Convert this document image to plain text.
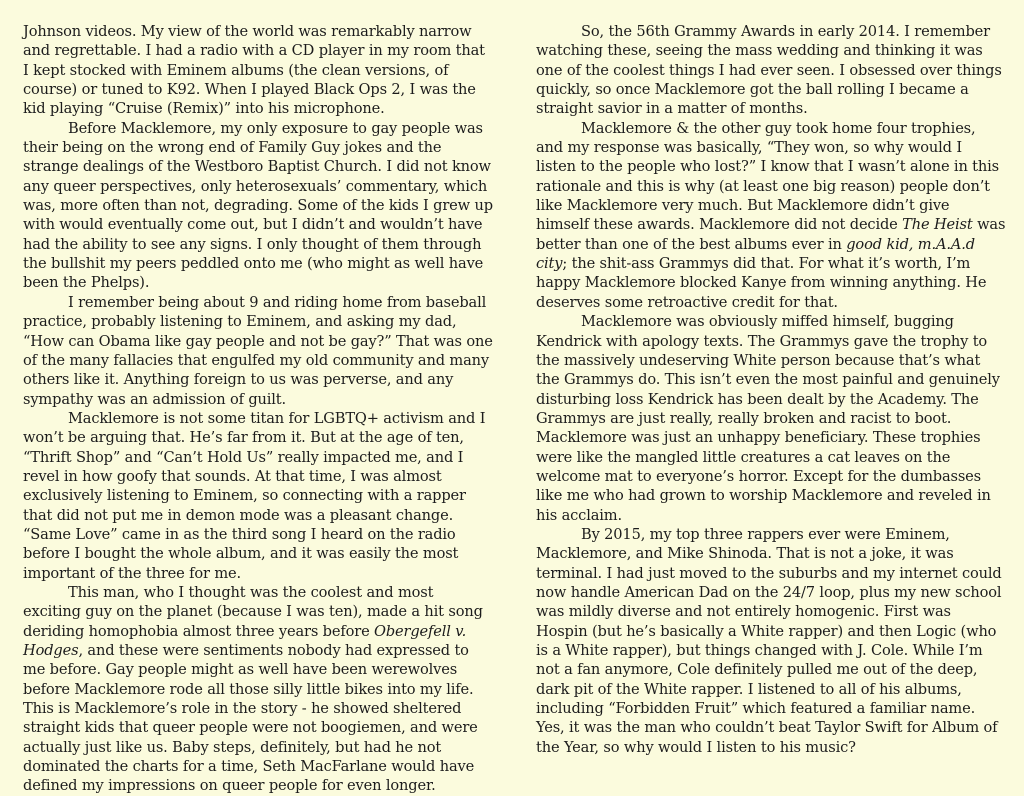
Johnson videos. My view of the world was remarkably narrow and regrettable. I had a radio with a CD player in my room that I kept stocked with Eminem albums (the clean versions, of course) or tuned to K92. When I played Black Ops 2, I was the kid playing “Cruise (Remix)” into his microphone.

Before Macklemore, my only exposure to gay people was their being on the wrong end of Family Guy jokes and the strange dealings of the Westboro Baptist Church. I did not know any queer perspectives, only heterosexuals’ commentary, which was, more often than not, degrading. Some of the kids I grew up with would eventually come out, but I didn’t and wouldn’t have had the ability to see any signs. I only thought of them through the bullshit my peers peddled onto me (who might as well have been the Phelps).

I remember being about 9 and riding home from baseball practice, probably listening to Eminem, and asking my dad, “How can Obama like gay people and not be gay?” That was one of the many fallacies that engulfed my old community and many others like it. Anything foreign to us was perverse, and any sympathy was an admission of guilt.

Macklemore is not some titan for LGBTQ+ activism and I won’t be arguing that. He’s far from it. But at the age of ten, “Thrift Shop” and “Can’t Hold Us” really impacted me, and I revel in how goofy that sounds. At that time, I was almost exclusively listening to Eminem, so connecting with a rapper that did not put me in demon mode was a pleasant change. “Same Love” came in as the third song I heard on the radio before I bought the whole album, and it was easily the most important of the three for me.

This man, who I thought was the coolest and most exciting guy on the planet (because I was ten), made a hit song deriding homophobia almost three years before Obergefell v. Hodges, and these were sentiments nobody had expressed to me before. Gay people might as well have been werewolves before Macklemore rode all those silly little bikes into my life. This is Macklemore’s role in the story - he showed sheltered straight kids that queer people were not boogiemen, and were actually just like us. Baby steps, definitely, but had he not dominated the charts for a time, Seth MacFarlane would have defined my impressions on queer people for even longer.

So, the 56th Grammy Awards in early 2014. I remember watching these, seeing the mass wedding and thinking it was one of the coolest things I had ever seen. I obsessed over things quickly, so once Macklemore got the ball rolling I became a straight savior in a matter of months.

Macklemore & the other guy took home four trophies, and my response was basically, “They won, so why would I listen to the people who lost?” I know that I wasn’t alone in this rationale and this is why (at least one big reason) people don’t like Macklemore very much. But Macklemore didn’t give himself these awards. Macklemore did not decide The Heist was better than one of the best albums ever in good kid, m.A.A.d city; the shit-ass Grammys did that. For what it’s worth, I’m happy Macklemore blocked Kanye from winning anything. He deserves some retroactive credit for that.

Macklemore was obviously miffed himself, bugging Kendrick with apology texts. The Grammys gave the trophy to the massively undeserving White person because that’s what the Grammys do. This isn’t even the most painful and genuinely disturbing loss Kendrick has been dealt by the Academy. The Grammys are just really, really broken and racist to boot. Macklemore was just an unhappy beneficiary. These trophies were like the mangled little creatures a cat leaves on the welcome mat to everyone’s horror. Except for the dumbasses like me who had grown to worship Macklemore and reveled in his acclaim.

By 2015, my top three rappers ever were Eminem, Macklemore, and Mike Shinoda. That is not a joke, it was terminal. I had just moved to the suburbs and my internet could now handle American Dad on the 24/7 loop, plus my new school was mildly diverse and not entirely homogenic. First was Hospin (but he’s basically a White rapper) and then Logic (who is a White rapper), but things changed with J. Cole. While I’m not a fan anymore, Cole definitely pulled me out of the deep, dark pit of the White rapper. I listened to all of his albums, including “Forbidden Fruit” which featured a familiar name. Yes, it was the man who couldn’t beat Taylor Swift for Album of the Year, so why would I listen to his music?
